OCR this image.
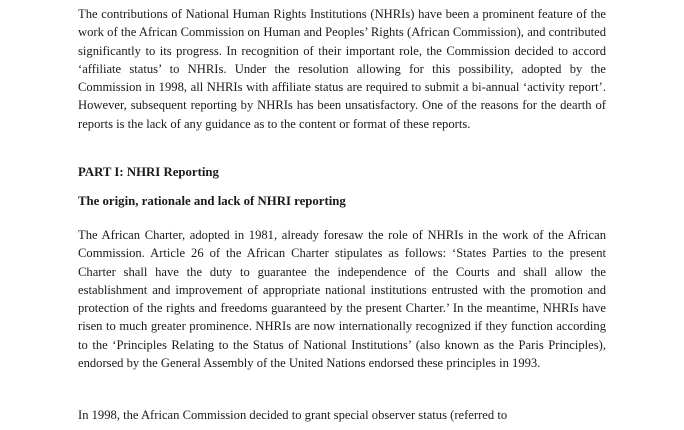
The contributions of National Human Rights Institutions (NHRIs) have been a prominent feature of the work of the African Commission on Human and Peoples’ Rights (African Commission), and contributed significantly to its progress. In recognition of their important role, the Commission decided to accord ‘affiliate status’ to NHRIs. Under the resolution allowing for this possibility, adopted by the Commission in 1998, all NHRIs with affiliate status are required to submit a bi-annual ‘activity report’. However, subsequent reporting by NHRIs has been unsatisfactory. One of the reasons for the dearth of reports is the lack of any guidance as to the content or format of these reports.

PART I: NHRI Reporting
The origin, rationale and lack of NHRI reporting

The African Charter, adopted in 1981, already foresaw the role of NHRIs in the work of the African Commission. Article 26 of the African Charter stipulates as follows: ‘States Parties to the present Charter shall have the duty to guarantee the independence of the Courts and shall allow the establishment and improvement of appropriate national institutions entrusted with the promotion and protection of the rights and freedoms guaranteed by the present Charter.’ In the meantime, NHRIs have risen to much greater prominence. NHRIs are now internationally recognized if they function according to the ‘Principles Relating to the Status of National Institutions’ (also known as the Paris Principles), endorsed by the General Assembly of the United Nations endorsed these principles in 1993.

In 1998, the African Commission decided to grant special observer status (referred to
